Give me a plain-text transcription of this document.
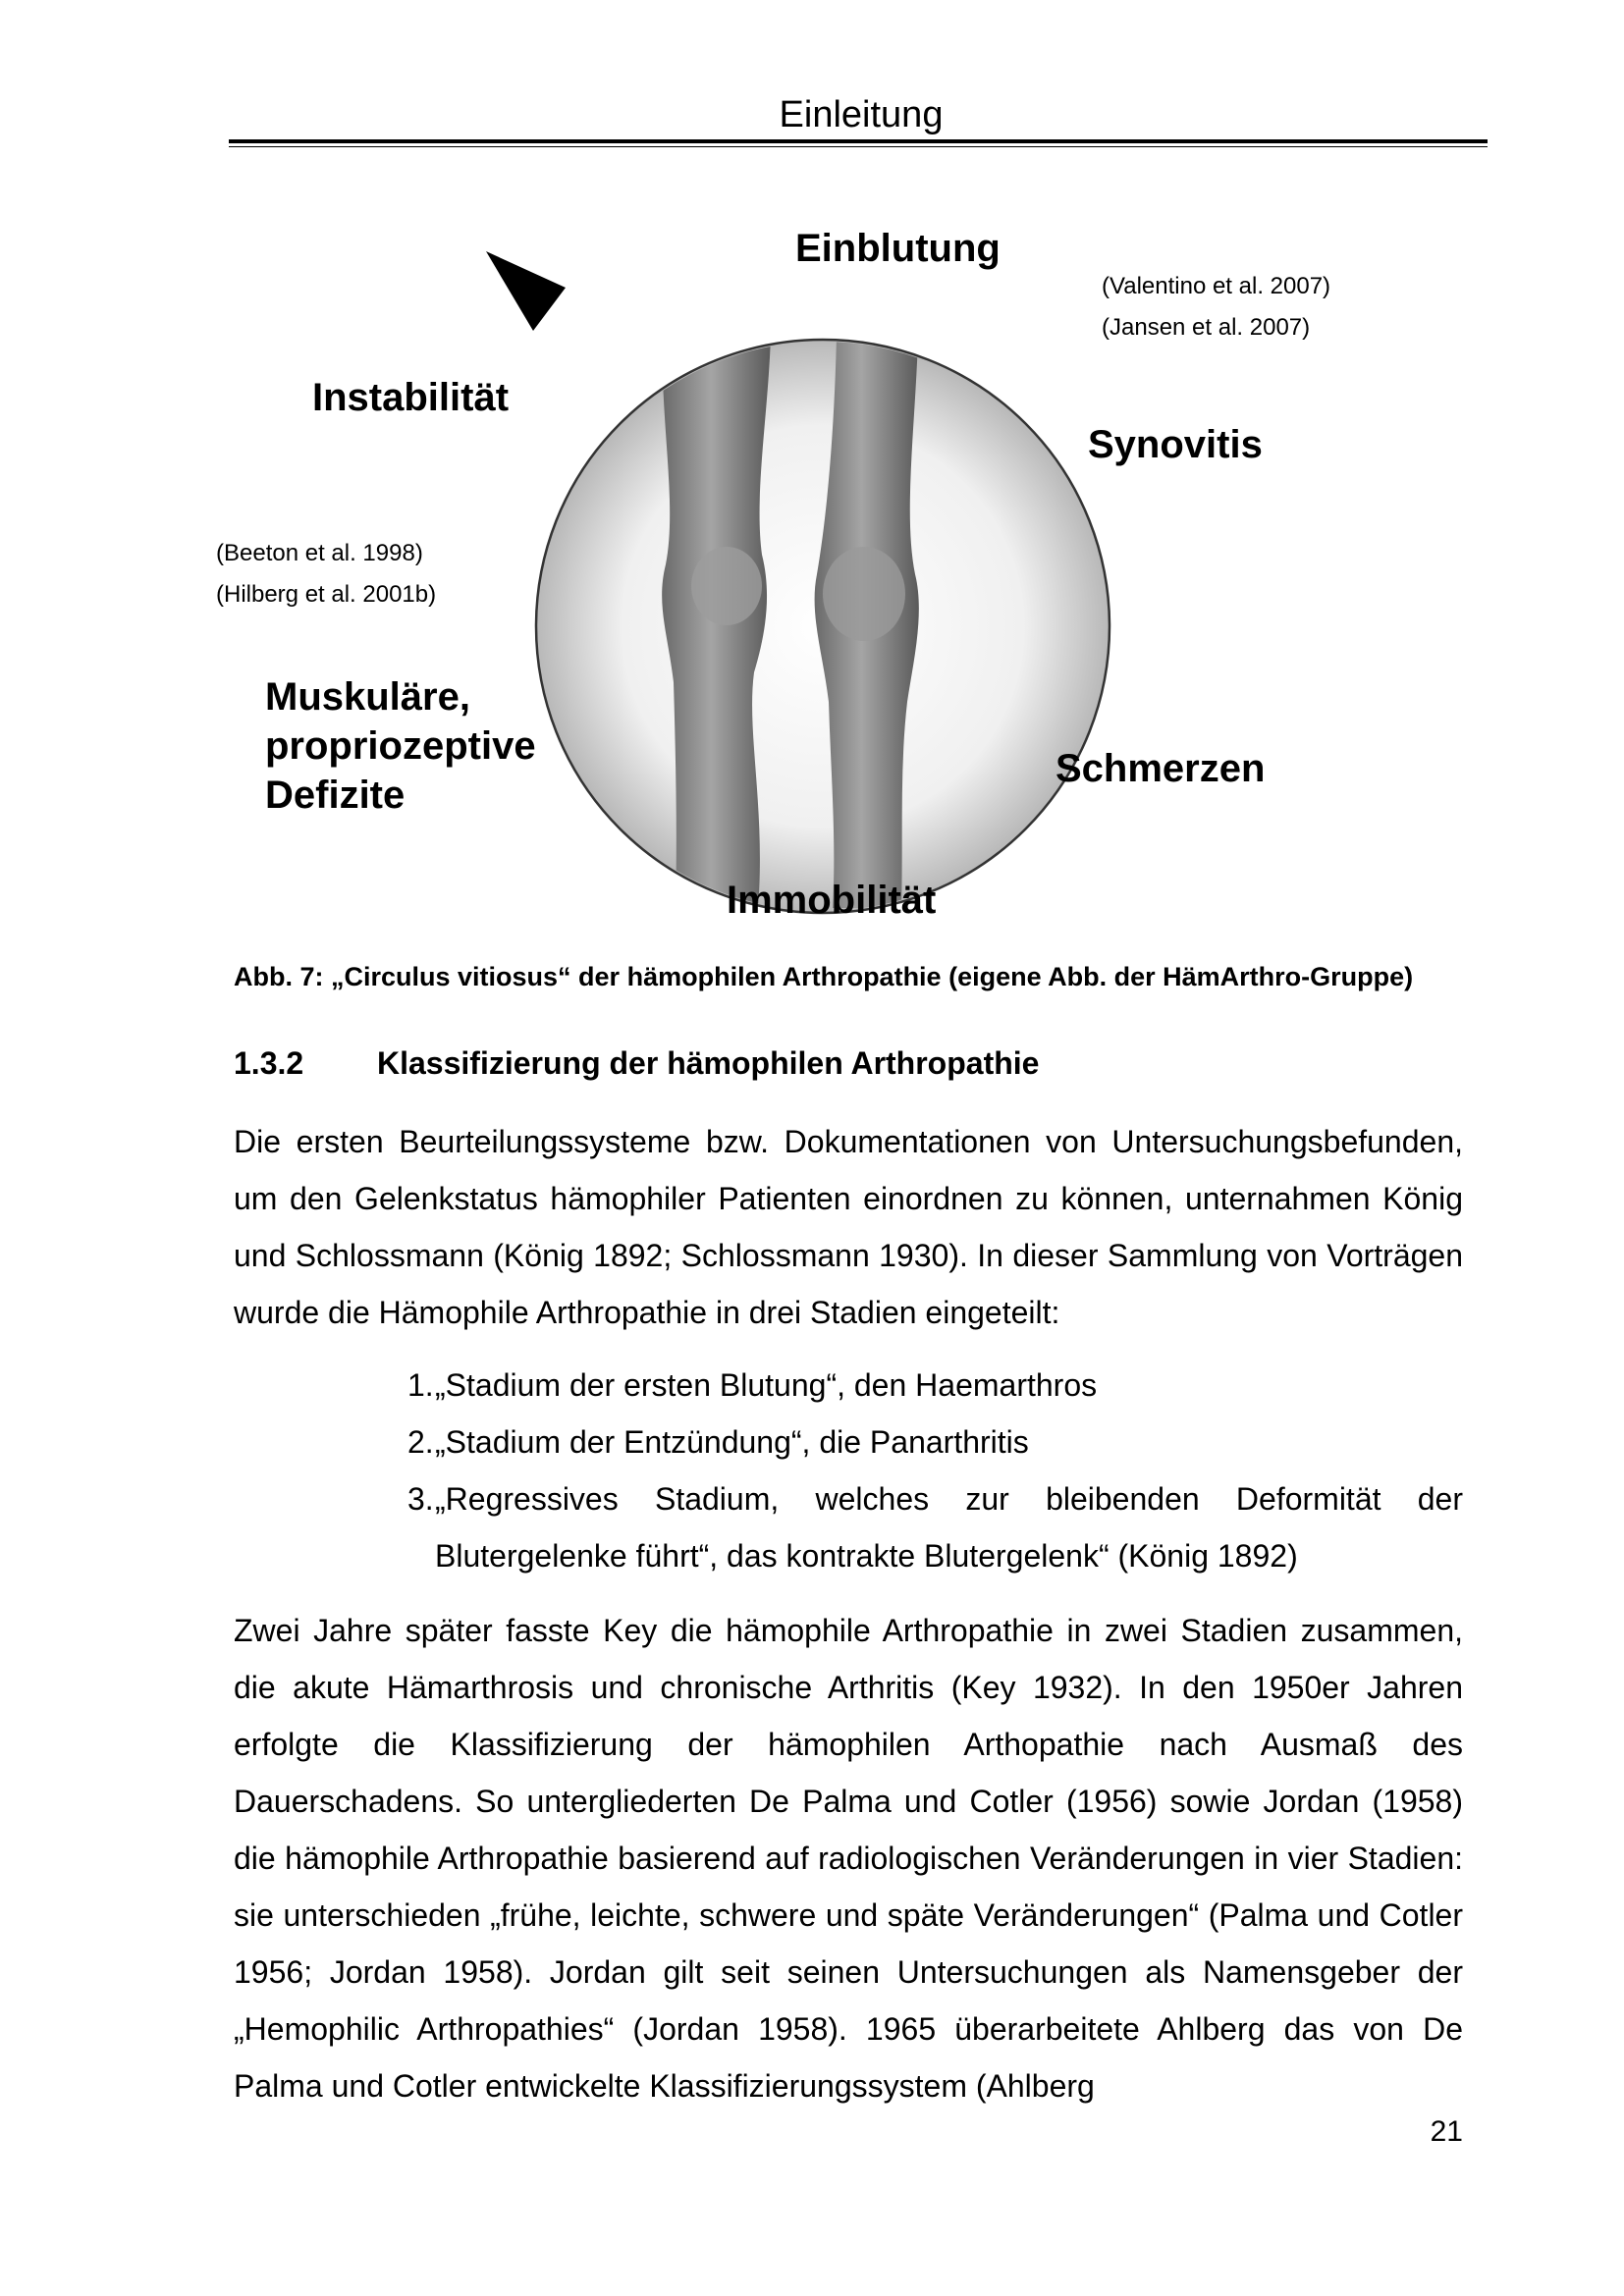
Einleitung
Einblutung
Synovitis
Schmerzen
Immobilität
Instabilität
Muskuläre,
propriozeptive
Defizite
(Valentino et al. 2007)
(Jansen et al. 2007)
(Beeton et al. 1998)
(Hilberg et al. 2001b)
Abb. 7: „Circulus vitiosus“ der hämophilen Arthropathie (eigene Abb. der HämArthro-Gruppe)
1.3.2 Klassifizierung der hämophilen Arthropathie
Die ersten Beurteilungssysteme bzw. Dokumentationen von Untersuchungsbefunden, um den Gelenkstatus hämophiler Patienten einordnen zu können, unternahmen König und Schlossmann (König 1892; Schlossmann 1930). In dieser Sammlung von Vorträgen wurde die Hämophile Arthropathie in drei Stadien eingeteilt:
1. „Stadium der ersten Blutung“, den Haemarthros
2. „Stadium der Entzündung“, die Panarthritis
3. „Regressives Stadium, welches zur bleibenden Deformität der Blutergelenke führt“, das kontrakte Blutergelenk“ (König 1892)
Zwei Jahre später fasste Key die hämophile Arthropathie in zwei Stadien zusammen, die akute Hämarthrosis und chronische Arthritis (Key 1932). In den 1950er Jahren erfolgte die Klassifizierung der hämophilen Arthopathie nach Ausmaß des Dauerschadens. So untergliederten De Palma und Cotler (1956) sowie Jordan (1958) die hämophile Arthropathie basierend auf radiologischen Veränderungen in vier Stadien: sie unterschieden „frühe, leichte, schwere und späte Veränderungen“ (Palma und Cotler 1956; Jordan 1958). Jordan gilt seit seinen Untersuchungen als Namensgeber der „Hemophilic Arthropathies“ (Jordan 1958). 1965 überarbeitete Ahlberg das von De Palma und Cotler entwickelte Klassifizierungssystem (Ahlberg
21
